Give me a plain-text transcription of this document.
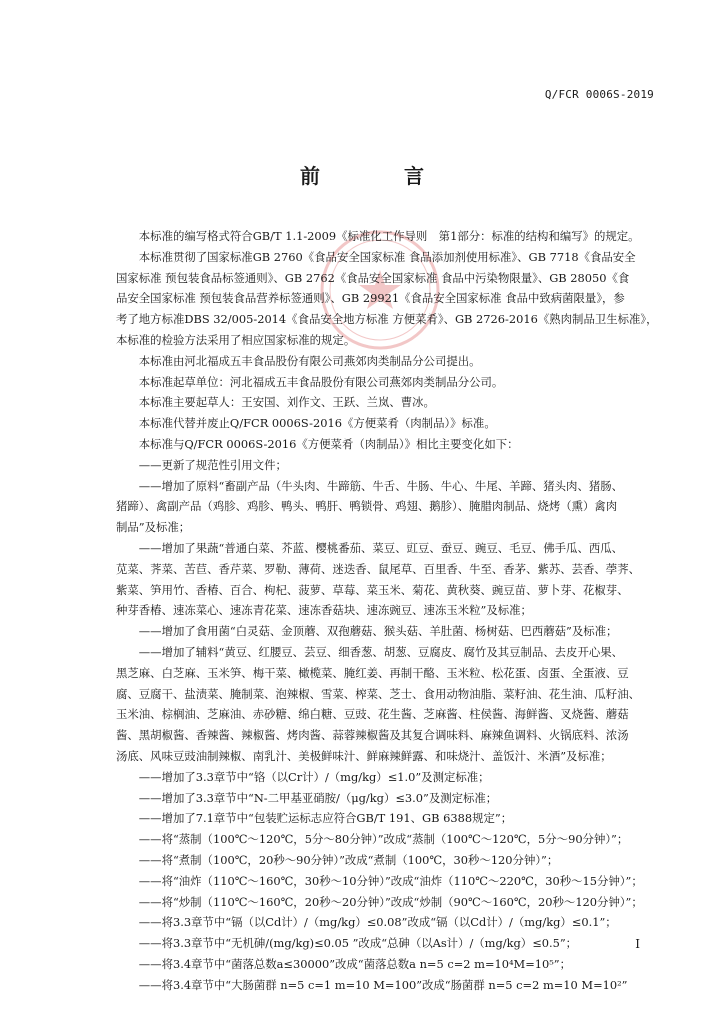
Q/FCR 0006S-2019
前	言
　　本标准的编写格式符合GB/T 1.1-2009《标准化工作导则　第1部分：标准的结构和编写》的规定。
　　本标准贯彻了国家标准GB 2760《食品安全国家标准 食品添加剂使用标准》、GB 7718《食品安全
国家标准 预包装食品标签通则》、GB 2762《食品安全国家标准 食品中污染物限量》、GB 28050《食
品安全国家标准 预包装食品营养标签通则》、GB 29921《食品安全国家标准 食品中致病菌限量》，参
考了地方标准DBS 32/005-2014《食品安全地方标准 方便菜肴》、GB 2726-2016《熟肉制品卫生标准》，
本标准的检验方法采用了相应国家标准的规定。
　　本标准由河北福成五丰食品股份有限公司燕郊肉类制品分公司提出。
　　本标准起草单位：河北福成五丰食品股份有限公司燕郊肉类制品分公司。
　　本标准主要起草人：王安国、刘作文、王跃、兰岚、曹冰。
　　本标准代替并废止Q/FCR 0006S-2016《方便菜肴（肉制品）》标准。
　　本标准与Q/FCR 0006S-2016《方便菜肴（肉制品）》相比主要变化如下：
　　——更新了规范性引用文件；
　　——增加了原料“畜副产品（牛头肉、牛蹄筋、牛舌、牛肠、牛心、牛尾、羊蹄、猪头肉、猪肠、
猪蹄）、禽副产品（鸡胗、鸡胗、鸭头、鸭肝、鸭锁骨、鸡翅、鹅胗）、腌腊肉制品、烧烤（熏）禽肉
制品”及标准；
　　——增加了果蔬“普通白菜、芥蓝、樱桃番茄、菜豆、豇豆、蚕豆、豌豆、毛豆、佛手瓜、西瓜、
苋菜、荠菜、苦苣、香芹菜、罗勒、薄荷、迷迭香、鼠尾草、百里香、牛至、香茅、紫苏、芸香、荸荠、
紫菜、笋用竹、香椿、百合、枸杞、菠萝、草莓、菜玉米、菊花、黄秋葵、豌豆苗、萝卜芽、花椒芽、
种芽香椿、速冻菜心、速冻青花菜、速冻香菇块、速冻豌豆、速冻玉米粒”及标准；
　　——增加了食用菌“白灵菇、金顶蘑、双孢蘑菇、猴头菇、羊肚菌、杨树菇、巴西蘑菇”及标准；
　　——增加了辅料“黄豆、红腰豆、芸豆、细香葱、胡葱、豆腐皮、腐竹及其豆制品、去皮开心果、
黑芝麻、白芝麻、玉米笋、梅干菜、橄榄菜、腌红姜、再制干酪、玉米粒、松花蛋、卤蛋、全蛋液、豆
腐、豆腐干、盐渍菜、腌制菜、泡辣椒、雪菜、榨菜、芝士、食用动物油脂、菜籽油、花生油、瓜籽油、
玉米油、棕榈油、芝麻油、赤砂糖、绵白糖、豆豉、花生酱、芝麻酱、柱侯酱、海鲜酱、叉烧酱、蘑菇
酱、黑胡椒酱、香辣酱、辣椒酱、烤肉酱、蒜蓉辣椒酱及其复合调味料、麻辣鱼调料、火锅底料、浓汤
汤底、风味豆豉油制辣椒、南乳汁、美极鲜味汁、鲜麻辣鲜露、和味烧汁、盖饭汁、米酒”及标准；
　　——增加了3.3章节中“铬（以Cr计）/（mg/kg）≤1.0”及测定标准；
　　——增加了3.3章节中“N-二甲基亚硝胺/（μg/kg）≤3.0”及测定标准；
　　——增加了7.1章节中“包装贮运标志应符合GB/T 191、GB 6388规定”；
　　——将“蒸制（100℃～120℃，5分～80分钟）”改成“蒸制（100℃～120℃，5分～90分钟）”；
　　——将“煮制（100℃，20秒～90分钟）”改成“煮制（100℃，30秒～120分钟）”；
　　——将“油炸（110℃～160℃，30秒～10分钟）”改成“油炸（110℃～220℃，30秒～15分钟）”；
　　——将“炒制（110℃～160℃，20秒～20分钟）”改成“炒制（90℃～160℃，20秒～120分钟）”；
　　——将3.3章节中“镉（以Cd计）/（mg/kg）≤0.08”改成“镉（以Cd计）/（mg/kg）≤0.1”；
　　——将3.3章节中“无机砷/(mg/kg)≤0.05 ”改成“总砷（以As计）/（mg/kg）≤0.5”；
　　——将3.4章节中“菌落总数a≤30000”改成“菌落总数a n=5 c=2 m=10⁴M=10⁵”；
　　——将3.4章节中“大肠菌群 n=5 c=1 m=10 M=100”改成“肠菌群 n=5 c=2 m=10 M=10²”
I
